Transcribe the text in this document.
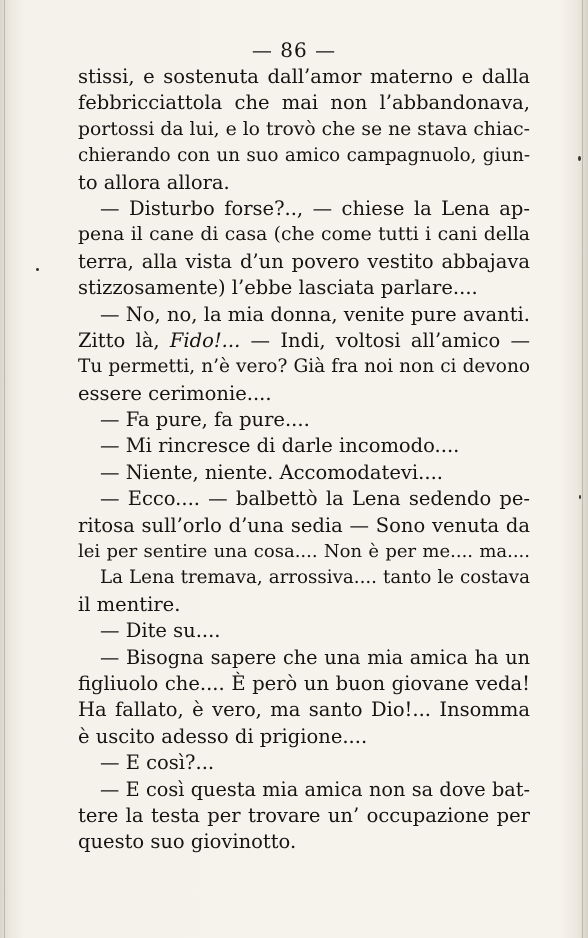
— 86 —
stissi, e sostenuta dall’amor materno e dalla
febbricciattola che mai non l’abbandonava,
portossi da lui, e lo trovò che se ne stava chiac-
chierando con un suo amico campagnuolo, giun-
to allora allora.
— Disturbo forse?.., — chiese la Lena ap-
pena il cane di casa (che come tutti i cani della
terra, alla vista d’un povero vestito abbajava
stizzosamente) l’ebbe lasciata parlare....
— No, no, la mia donna, venite pure avanti.
Zitto là, Fido!... — Indi, voltosi all’amico —
Tu permetti, n’è vero? Già fra noi non ci devono
essere cerimonie....
— Fa pure, fa pure....
— Mi rincresce di darle incomodo....
— Niente, niente. Accomodatevi....
— Ecco.... — balbettò la Lena sedendo pe-
ritosa sull’orlo d’una sedia — Sono venuta da
lei per sentire una cosa.... Non è per me.... ma....
La Lena tremava, arrossiva.... tanto le costava
il mentire.
— Dite su....
— Bisogna sapere che una mia amica ha un
figliuolo che.... È però un buon giovane veda!
Ha fallato, è vero, ma santo Dio!... Insomma
è uscito adesso di prigione....
— E così?...
— E così questa mia amica non sa dove bat-
tere la testa per trovare un’ occupazione per
questo suo giovinotto.
